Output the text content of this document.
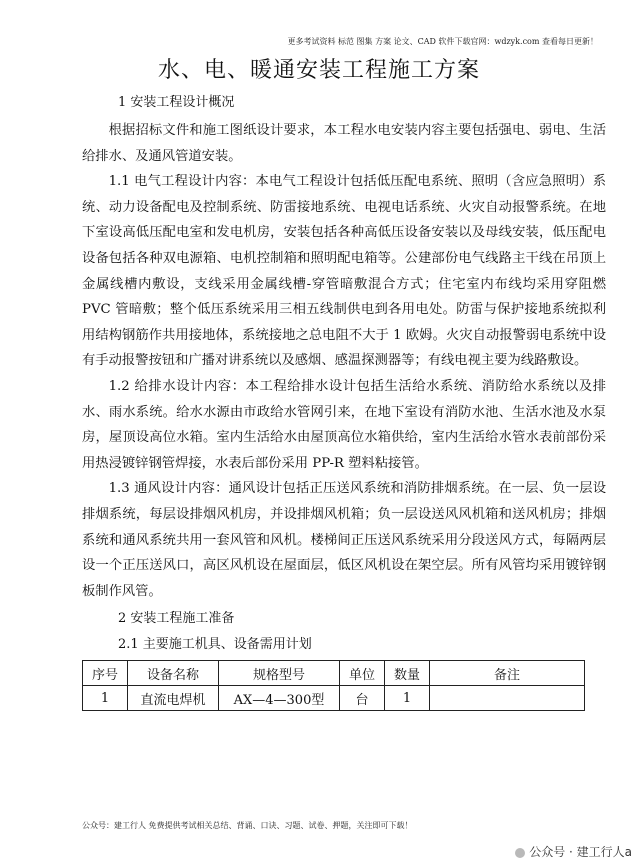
更多考试资料 标范 图集 方案 论文、CAD 软件下载官网：wdzyk.com 查看每日更新！
水、电、暖通安装工程施工方案

1 安装工程设计概况

根据招标文件和施工图纸设计要求，本工程水电安装内容主要包括强电、弱电、生活给排水、及通风管道安装。

1.1 电气工程设计内容：本电气工程设计包括低压配电系统、照明（含应急照明）系统、动力设备配电及控制系统、防雷接地系统、电视电话系统、火灾自动报警系统。在地下室设高低压配电室和发电机房，安装包括各种高低压设备安装以及母线安装，低压配电设备包括各种双电源箱、电机控制箱和照明配电箱等。公建部份电气线路主干线在吊顶上金属线槽内敷设，支线采用金属线槽-穿管暗敷混合方式；住宅室内布线均采用穿阻燃 PVC 管暗敷；整个低压系统采用三相五线制供电到各用电处。防雷与保护接地系统拟利用结构钢筋作共用接地体，系统接地之总电阻不大于 1 欧姆。火灾自动报警弱电系统中设有手动报警按钮和广播对讲系统以及感烟、感温探测器等；有线电视主要为线路敷设。

1.2 给排水设计内容：本工程给排水设计包括生活给水系统、消防给水系统以及排水、雨水系统。给水水源由市政给水管网引来，在地下室设有消防水池、生活水池及水泵房，屋顶设高位水箱。室内生活给水由屋顶高位水箱供给，室内生活给水管水表前部份采用热浸镀锌钢管焊接，水表后部份采用 PP-R 塑料粘接管。

1.3 通风设计内容：通风设计包括正压送风系统和消防排烟系统。在一层、负一层设排烟系统，每层设排烟风机房，并设排烟风机箱；负一层设送风风机箱和送风机房；排烟系统和通风系统共用一套风管和风机。楼梯间正压送风系统采用分段送风方式，每隔两层设一个正压送风口，高区风机设在屋面层，低区风机设在架空层。所有风管均采用镀锌钢板制作风管。

2 安装工程施工准备

2.1 主要施工机具、设备需用计划

序号	设备名称	规格型号	单位	数量	备注
1	直流电焊机	AX—4—300型	台	1	
公众号：建工行人 免费提供考试相关总结、背诵、口诀、习题、试卷、押题，关注即可下载！
公众号 · 建工行人a
